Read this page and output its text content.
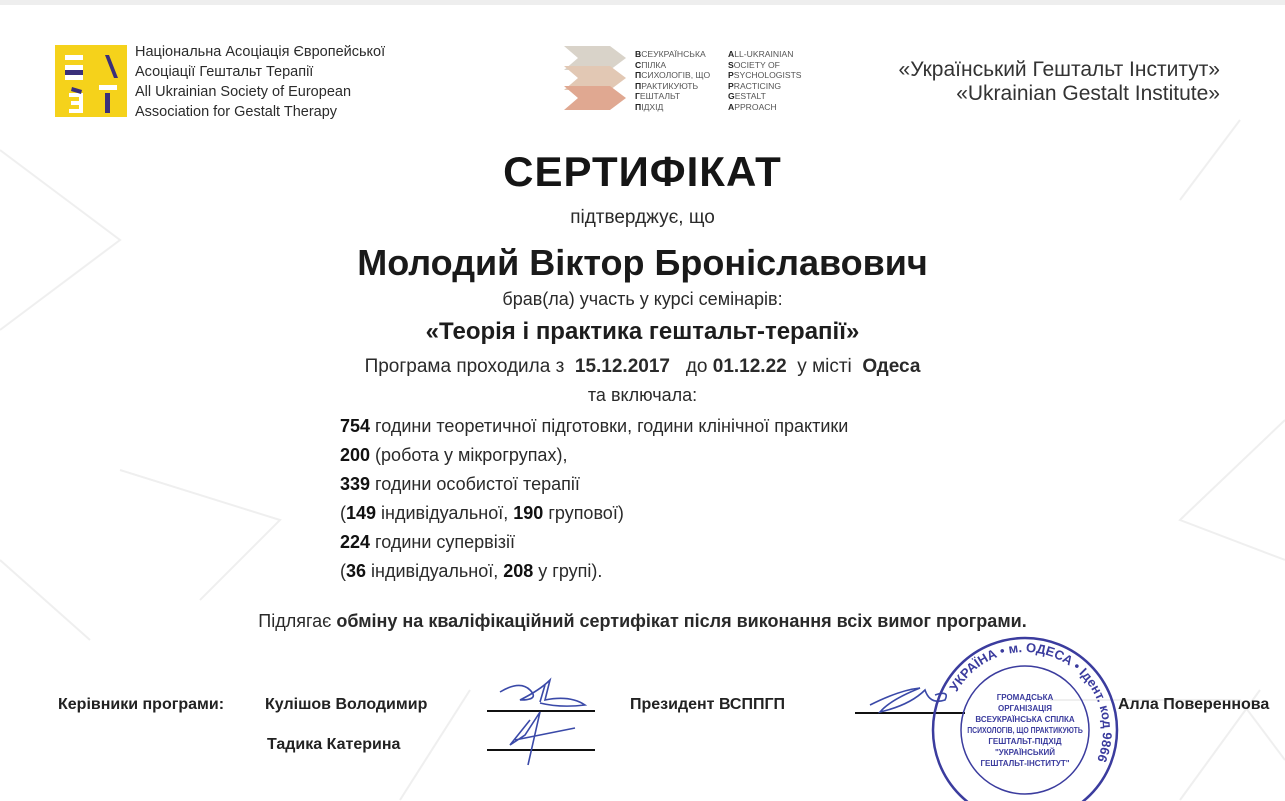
Національна Асоціація Європейської
Асоціації Гештальт Терапії
All Ukrainian Society of European
Association for Gestalt Therapy
ВСЕУКРАЇНСЬКА
СПІЛКА
ПСИХОЛОГІВ, ЩО
ПРАКТИКУЮТЬ
ГЕШТАЛЬТ
ПІДХІД
ALL-UKRAINIAN
SOCIETY OF
PSYCHOLOGISTS
PRACTICING
GESTALT
APPROACH
«Український Гештальт Інститут»
«Ukrainian Gestalt Institute»
СЕРТИФІКАТ
підтверджує, що
Молодий Віктор Броніславович
брав(ла) участь у курсі семінарів:
«Теорія і практика гештальт-терапії»
Програма проходила з 15.12.2017 до 01.12.22 у місті Одеса
та включала:
754 години теоретичної підготовки, години клінічної практики
200 (робота у мікрогрупах),
339 години особистої терапії
(149 індивідуальної, 190 групової)
224 години супервізії
(36 індивідуальної, 208 у групі).
Підлягає обміну на кваліфікаційний сертифікат після виконання всіх вимог програми.
Керівники програми:	Кулішов Володимир
Тадика Катерина
Президент ВСППГП	Алла Повереннова
УКРАЇНА • м. ОДЕСА • Ідент. код 9866
ГРОМАДСЬКА
ОРГАНІЗАЦІЯ
ВСЕУКРАЇНСЬКА СПІЛКА
ПСИХОЛОГІВ, ЩО ПРАКТИКУЮТЬ
ГЕШТАЛЬТ-ПІДХІД
"УКРАЇНСЬКИЙ
ГЕШТАЛЬТ-ІНСТИТУТ"
